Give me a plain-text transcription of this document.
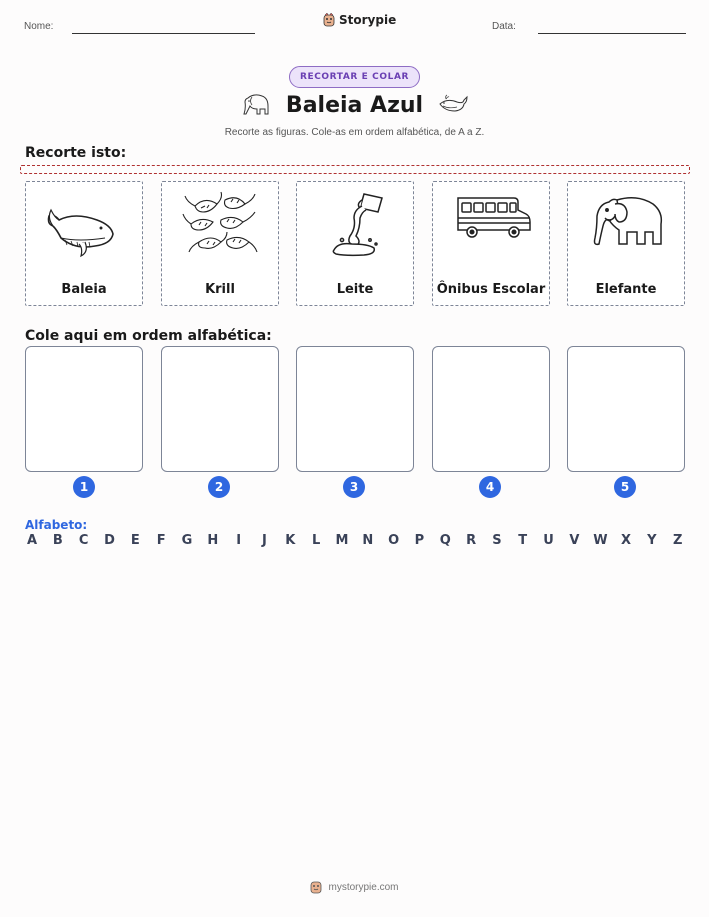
Nome:	Storypie	Data:
RECORTAR E COLAR
Baleia Azul
Recorte as figuras. Cole-as em ordem alfabética, de A a Z.
Recorte isto:
Baleia	Krill	Leite	Ônibus Escolar	Elefante
Cole aqui em ordem alfabética:
1	2	3	4	5
Alfabeto:
A B C D E F G H	I	J	K L M N O P Q R S T U V W X Y Z
mystorypie.com
